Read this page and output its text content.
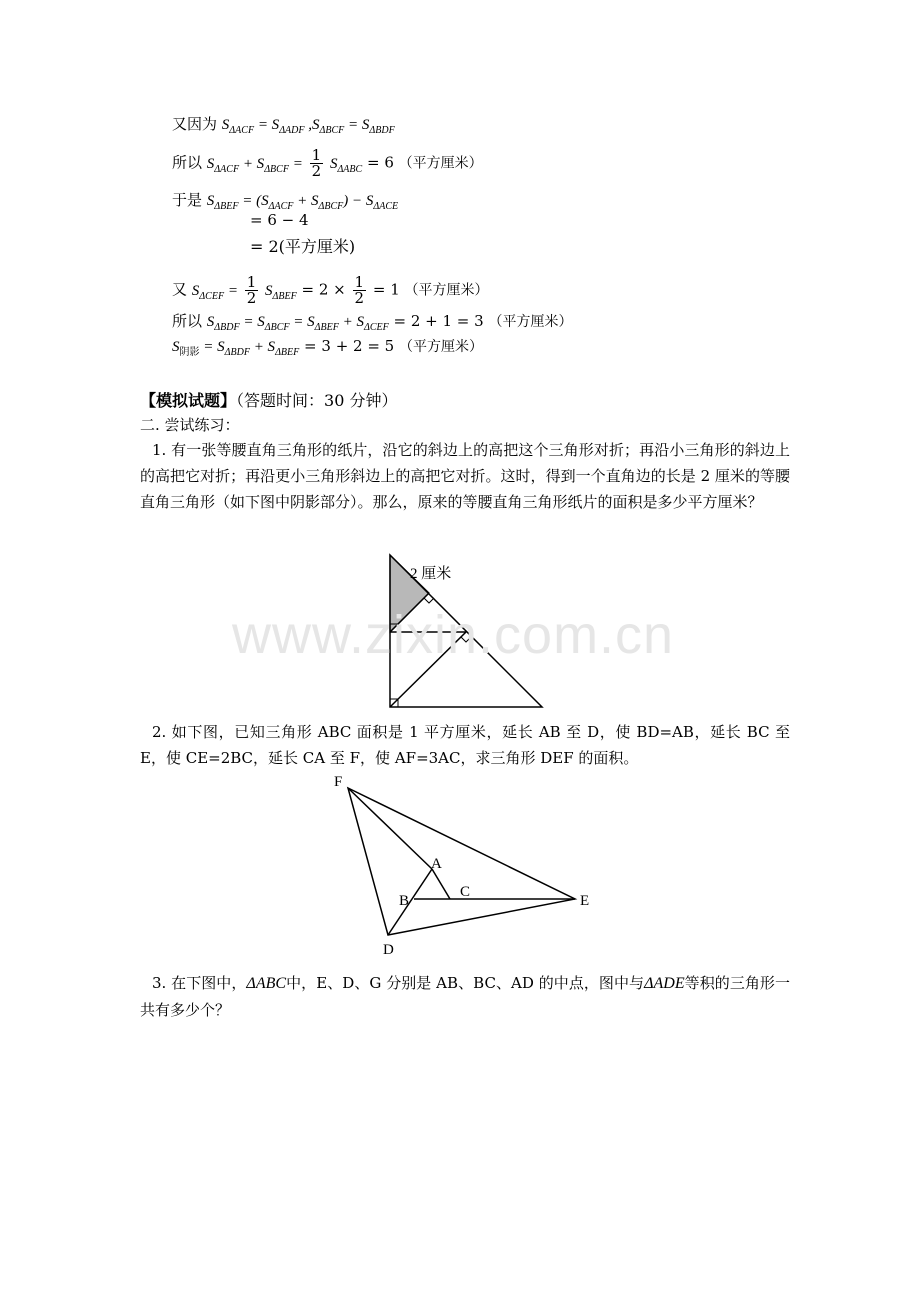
又因为 $S_{\Delta ACF} = S_{\Delta ADF}$ $,S_{\Delta BCF} = S_{\Delta BDF}$
所以 $S_{\Delta ACF} + S_{\Delta BCF} = \frac{1}{2} S_{\Delta ABC} = 6$ （平方厘米）
于是 $S_{\Delta BEF} = (S_{\Delta ACF} + S_{\Delta BCF}) - S_{\Delta ACE}$
= 6 − 4
= 2(平方厘米)
又 $S_{\Delta CEF} = \frac{1}{2} S_{\Delta BEF} = 2 \times \frac{1}{2} = 1$ （平方厘米）
所以 $S_{\Delta BDF} = S_{\Delta BCF} = S_{\Delta BEF} + S_{\Delta CEF} = 2 + 1 = 3$ （平方厘米）
$S_{阴影} = S_{\Delta BDF} + S_{\Delta BEF} = 3 + 2 = 5$ （平方厘米）
【模拟试题】（答题时间：30 分钟）
二. 尝试练习：
1. 有一张等腰直角三角形的纸片，沿它的斜边上的高把这个三角形对折；再沿小三角形的斜边上的高把它对折；再沿更小三角形斜边上的高把它对折。这时，得到一个直角边的长是 2 厘米的等腰直角三角形（如下图中阴影部分）。那么，原来的等腰直角三角形纸片的面积是多少平方厘米？
2 厘米
www.zixin.com.cn
2. 如下图，已知三角形 ABC 面积是 1 平方厘米，延长 AB 至 D，使 BD=AB，延长 BC 至 E，使 CE=2BC，延长 CA 至 F，使 AF=3AC，求三角形 DEF 的面积。
F
A
B
C
E
D
3. 在下图中，ΔABC中，E、D、G 分别是 AB、BC、AD 的中点，图中与ΔADE等积的三角形一共有多少个？
